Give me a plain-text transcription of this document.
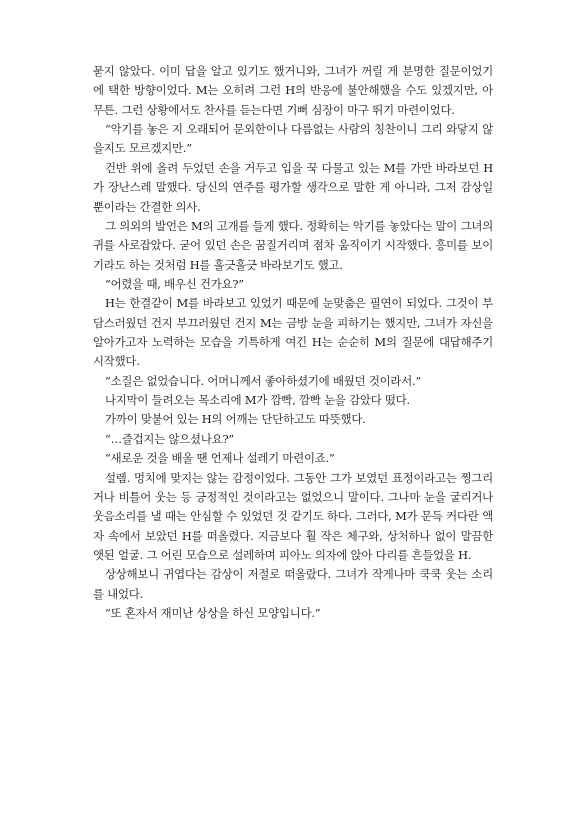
묻지 않았다. 이미 답을 알고 있기도 했거니와, 그녀가 꺼릴 게 분명한 질문이었기에 택한 방향이었다. M는 오히려 그런 H의 반응에 불안해했을 수도 있겠지만, 아무튼. 그런 상황에서도 찬사를 듣는다면 기뻐 심장이 마구 뛰기 마련이었다.

“악기를 놓은 지 오래되어 문외한이나 다름없는 사람의 칭찬이니 그리 와닿지 않을지도 모르겠지만.”

건반 위에 올려 두었던 손을 거두고 입을 꾹 다물고 있는 M를 가만 바라보던 H가 장난스레 말했다. 당신의 연주를 평가할 생각으로 말한 게 아니라, 그저 감상일 뿐이라는 간결한 의사.

그 의외의 발언은 M의 고개를 들게 했다. 정확히는 악기를 놓았다는 말이 그녀의 귀를 사로잡았다. 굳어 있던 손은 꿈질거리며 점차 움직이기 시작했다. 흥미를 보이기라도 하는 것처럼 H를 흘긋흘긋 바라보기도 했고.

“어렸을 때, 배우신 건가요?”

H는 한결같이 M를 바라보고 있었기 때문에 눈맞춤은 필연이 되었다. 그것이 부담스러웠던 건지 부끄러웠던 건지 M는 금방 눈을 피하기는 했지만, 그녀가 자신을 알아가고자 노력하는 모습을 기특하게 여긴 H는 순순히 M의 질문에 대답해주기 시작했다.

“소질은 없었습니다. 어머니께서 좋아하셨기에 배웠던 것이라서.”

나지막이 들려오는 목소리에 M가 깜빡, 깜빡 눈을 감았다 떴다.

가까이 맞붙어 있는 H의 어깨는 단단하고도 따뜻했다.

“…즐겁지는 않으셨나요?”

“새로운 것을 배울 땐 언제나 설레기 마련이죠.”

설렘. 멍치에 맞지는 않는 감정이었다. 그동안 그가 보였던 표정이라고는 찡그리거나 비틀어 웃는 등 긍정적인 것이라고는 없었으니 말이다. 그나마 눈을 굴리거나 웃음소리를 낼 때는 안심할 수 있었던 것 같기도 하다. 그러다, M가 문득 커다란 액자 속에서 보았던 H를 떠올렸다. 지금보다 훨 작은 체구와, 상처하나 없이 말끔한 앳된 얼굴. 그 어린 모습으로 설레하며 피아노 의자에 앉아 다리를 흔들었을 H.

상상해보니 귀엽다는 감상이 저절로 떠올랐다. 그녀가 작게나마 쿡쿡 웃는 소리를 내었다.

“또 혼자서 재미난 상상을 하신 모양입니다.”
